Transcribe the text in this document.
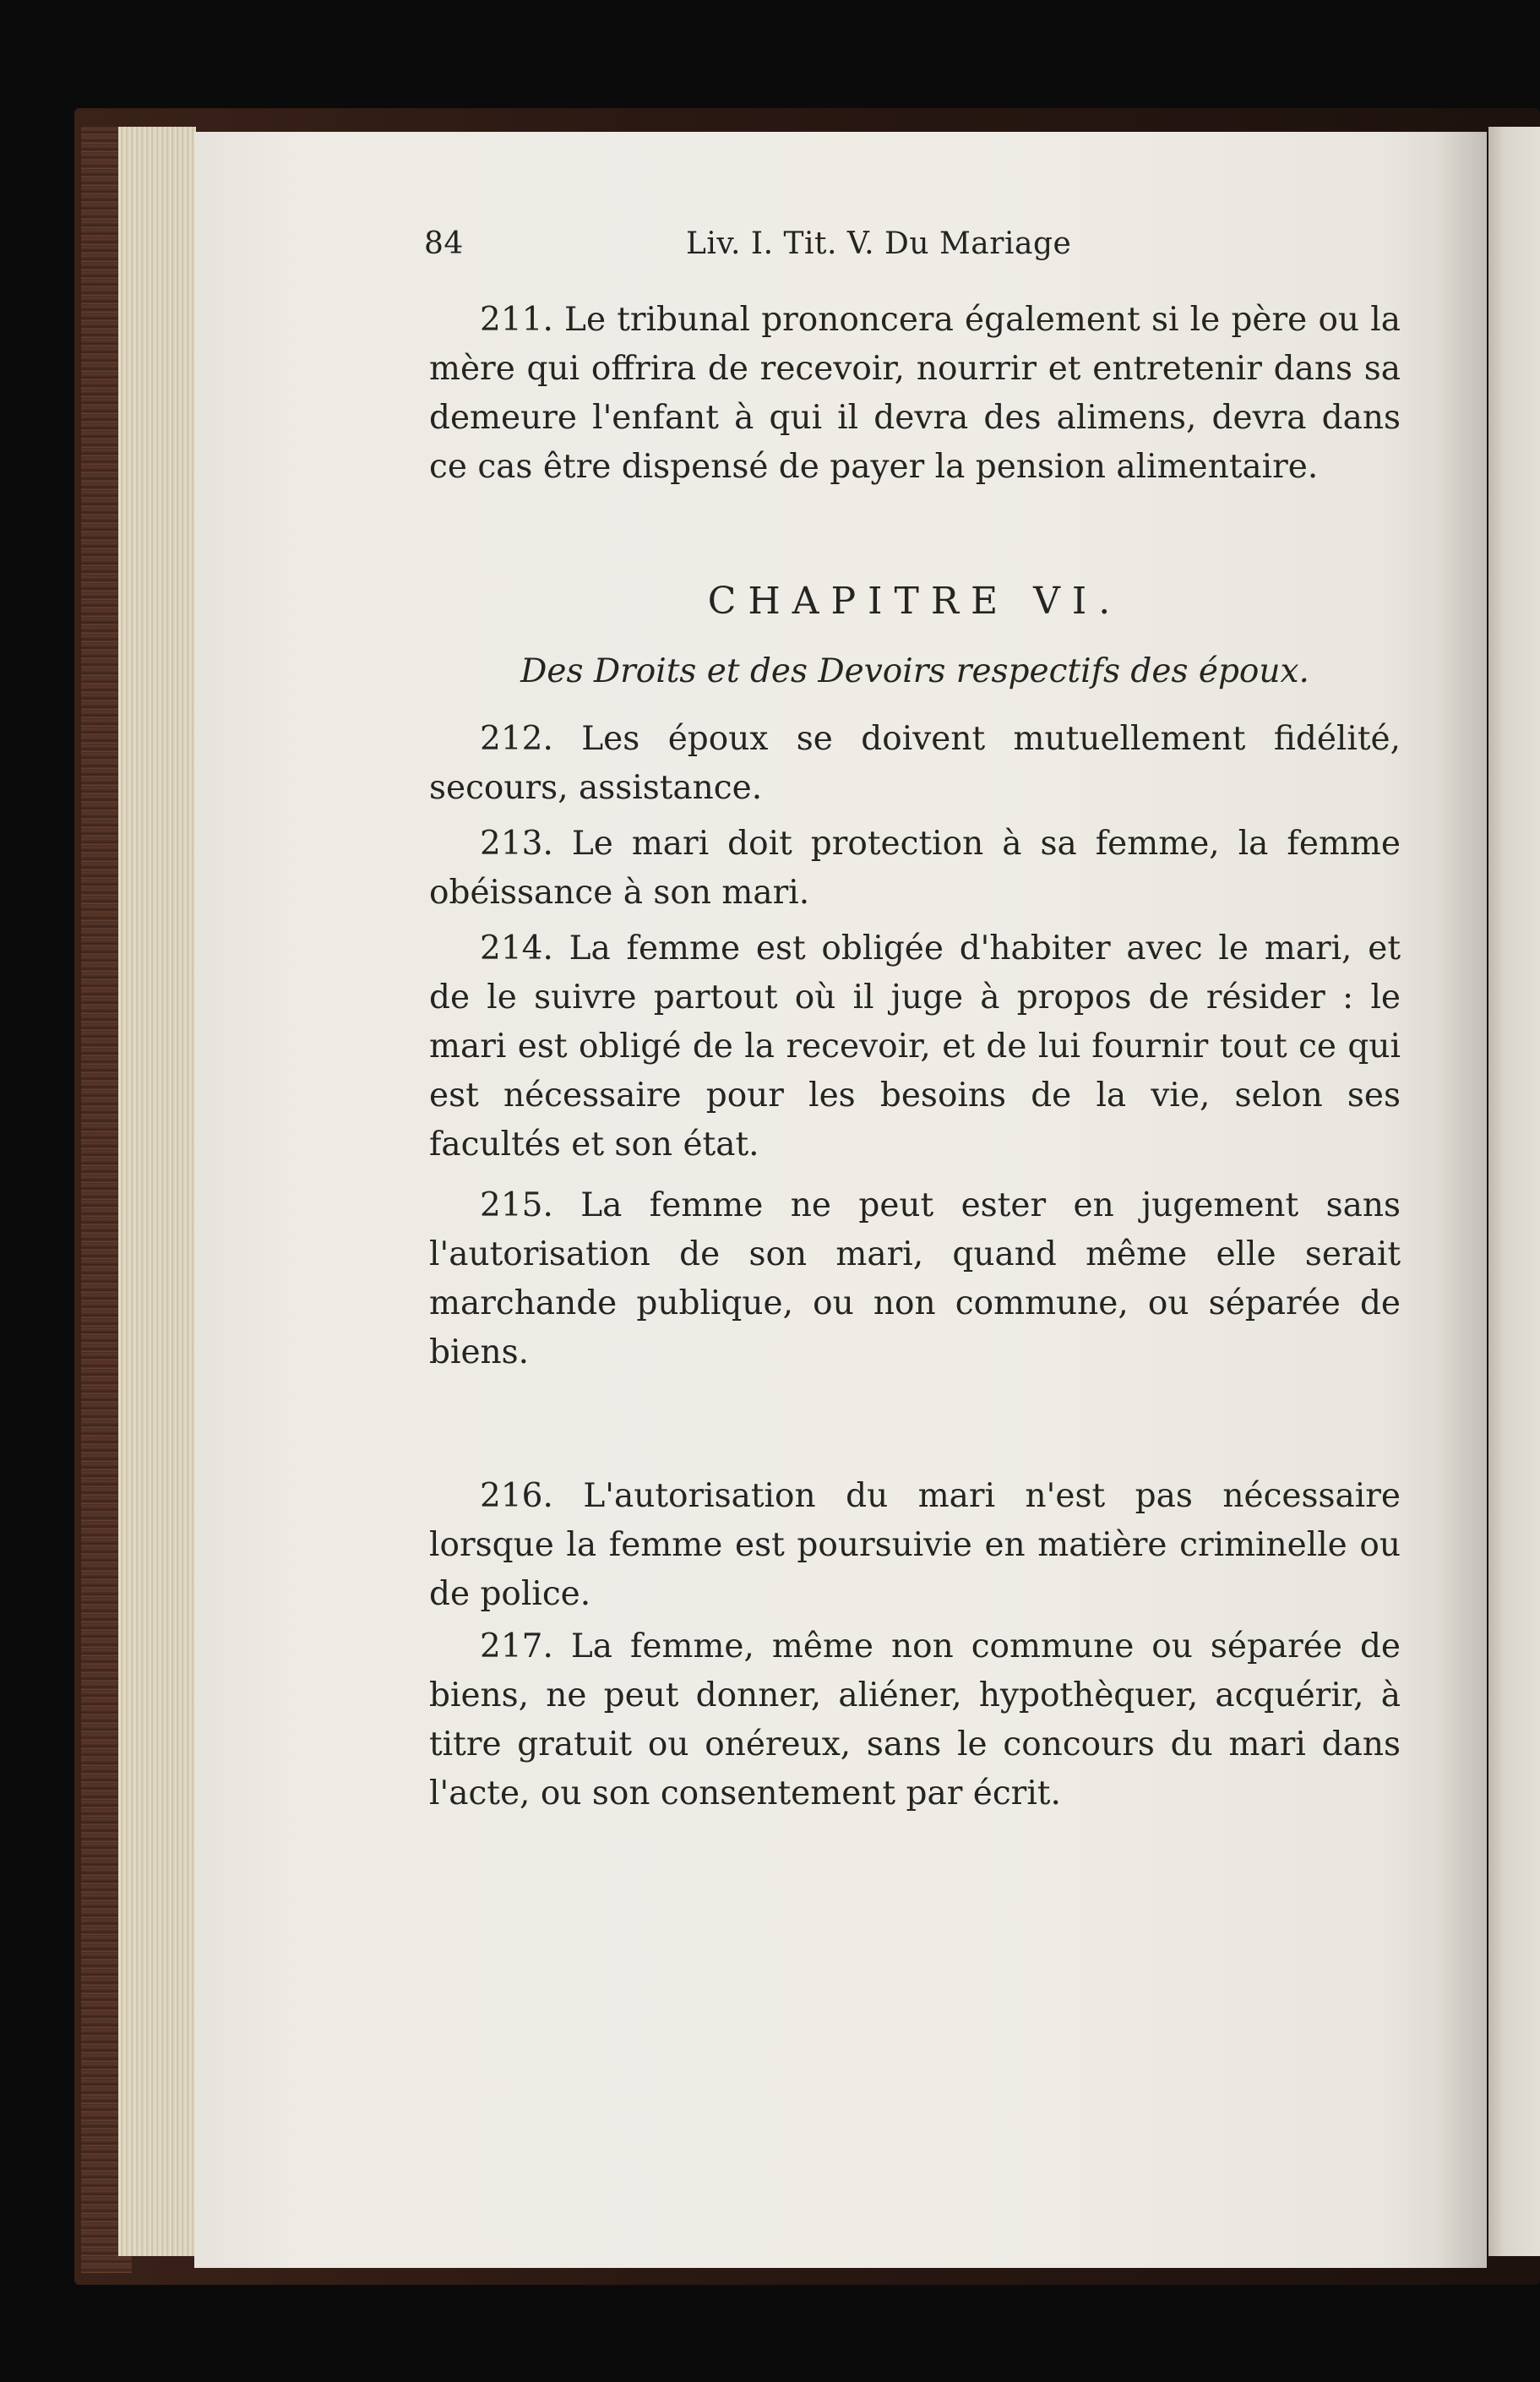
84	Liv. I. Tit. V. Du Mariage
211. Le tribunal prononcera également si le père ou la mère qui offrira de recevoir, nourrir et entretenir dans sa demeure l'enfant à qui il devra des alimens, devra dans ce cas être dispensé de payer la pension alimentaire.
CHAPITRE VI.
Des Droits et des Devoirs respectifs des époux.
212. Les époux se doivent mutuellement fidélité, secours, assistance.
213. Le mari doit protection à sa femme, la femme obéissance à son mari.
214. La femme est obligée d'habiter avec le mari, et de le suivre partout où il juge à propos de résider : le mari est obligé de la recevoir, et de lui fournir tout ce qui est nécessaire pour les besoins de la vie, selon ses facultés et son état.
215. La femme ne peut ester en jugement sans l'autorisation de son mari, quand même elle serait marchande publique, ou non commune, ou séparée de biens.
216. L'autorisation du mari n'est pas nécessaire lorsque la femme est poursuivie en matière criminelle ou de police.
217. La femme, même non commune ou séparée de biens, ne peut donner, aliéner, hypothèquer, acquérir, à titre gratuit ou onéreux, sans le concours du mari dans l'acte, ou son consentement par écrit.
